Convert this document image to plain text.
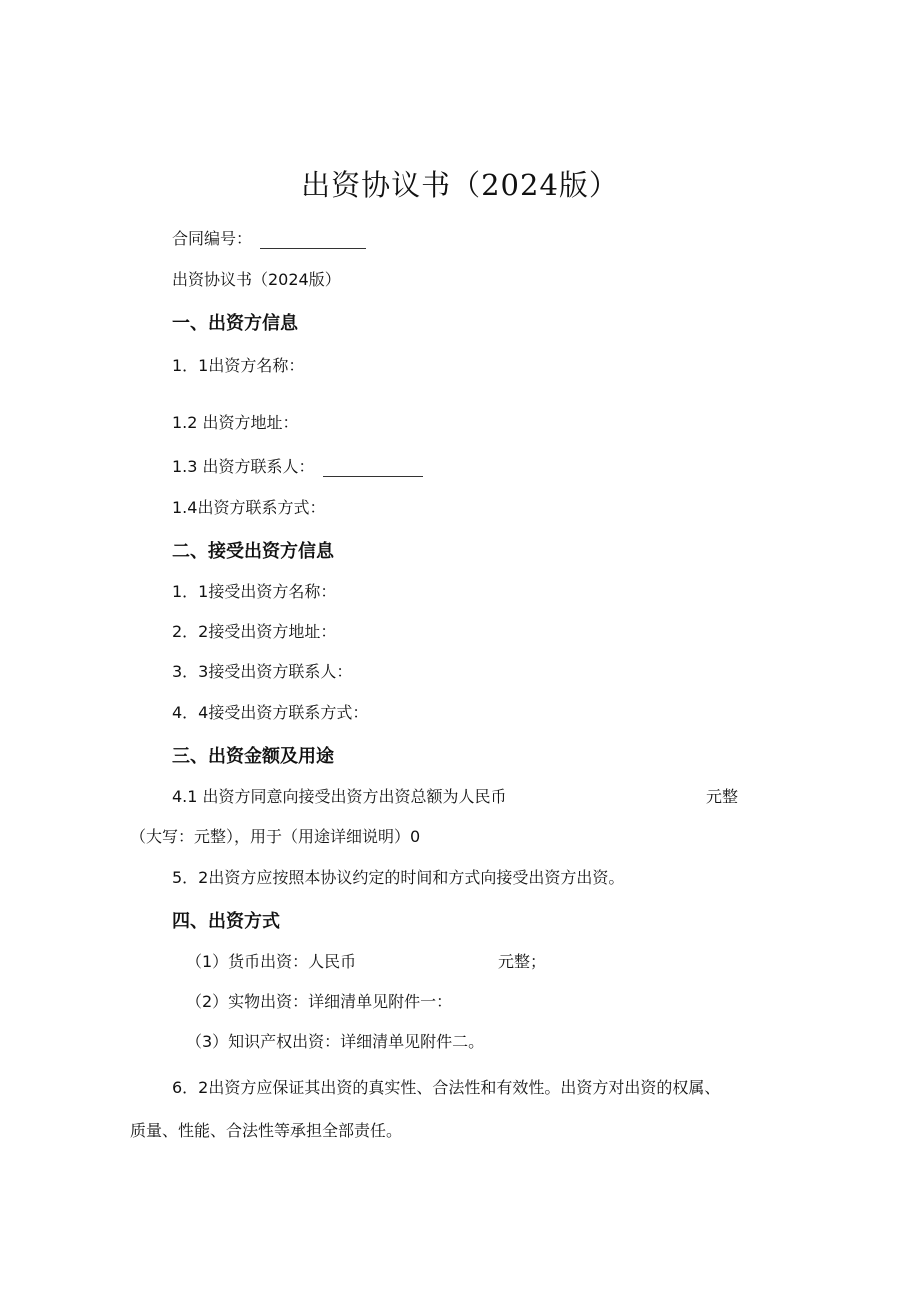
出资协议书（2024版）
合同编号：
出资协议书（2024版）
一、出资方信息
1．1出资方名称：
1.2 出资方地址：
1.3 出资方联系人：
1.4出资方联系方式：
二、接受出资方信息
1．1接受出资方名称：
2．2接受出资方地址：
3．3接受出资方联系人：
4．4接受出资方联系方式：
三、出资金额及用途
4.1 出资方同意向接受出资方出资总额为人民币	元整
（大写：元整），用于（用途详细说明）0
5．2出资方应按照本协议约定的时间和方式向接受出资方出资。
四、出资方式
（1）货币出资：人民币	元整；
（2）实物出资：详细清单见附件一：
（3）知识产权出资：详细清单见附件二。
6．2出资方应保证其出资的真实性、合法性和有效性。出资方对出资的权属、
质量、性能、合法性等承担全部责任。
